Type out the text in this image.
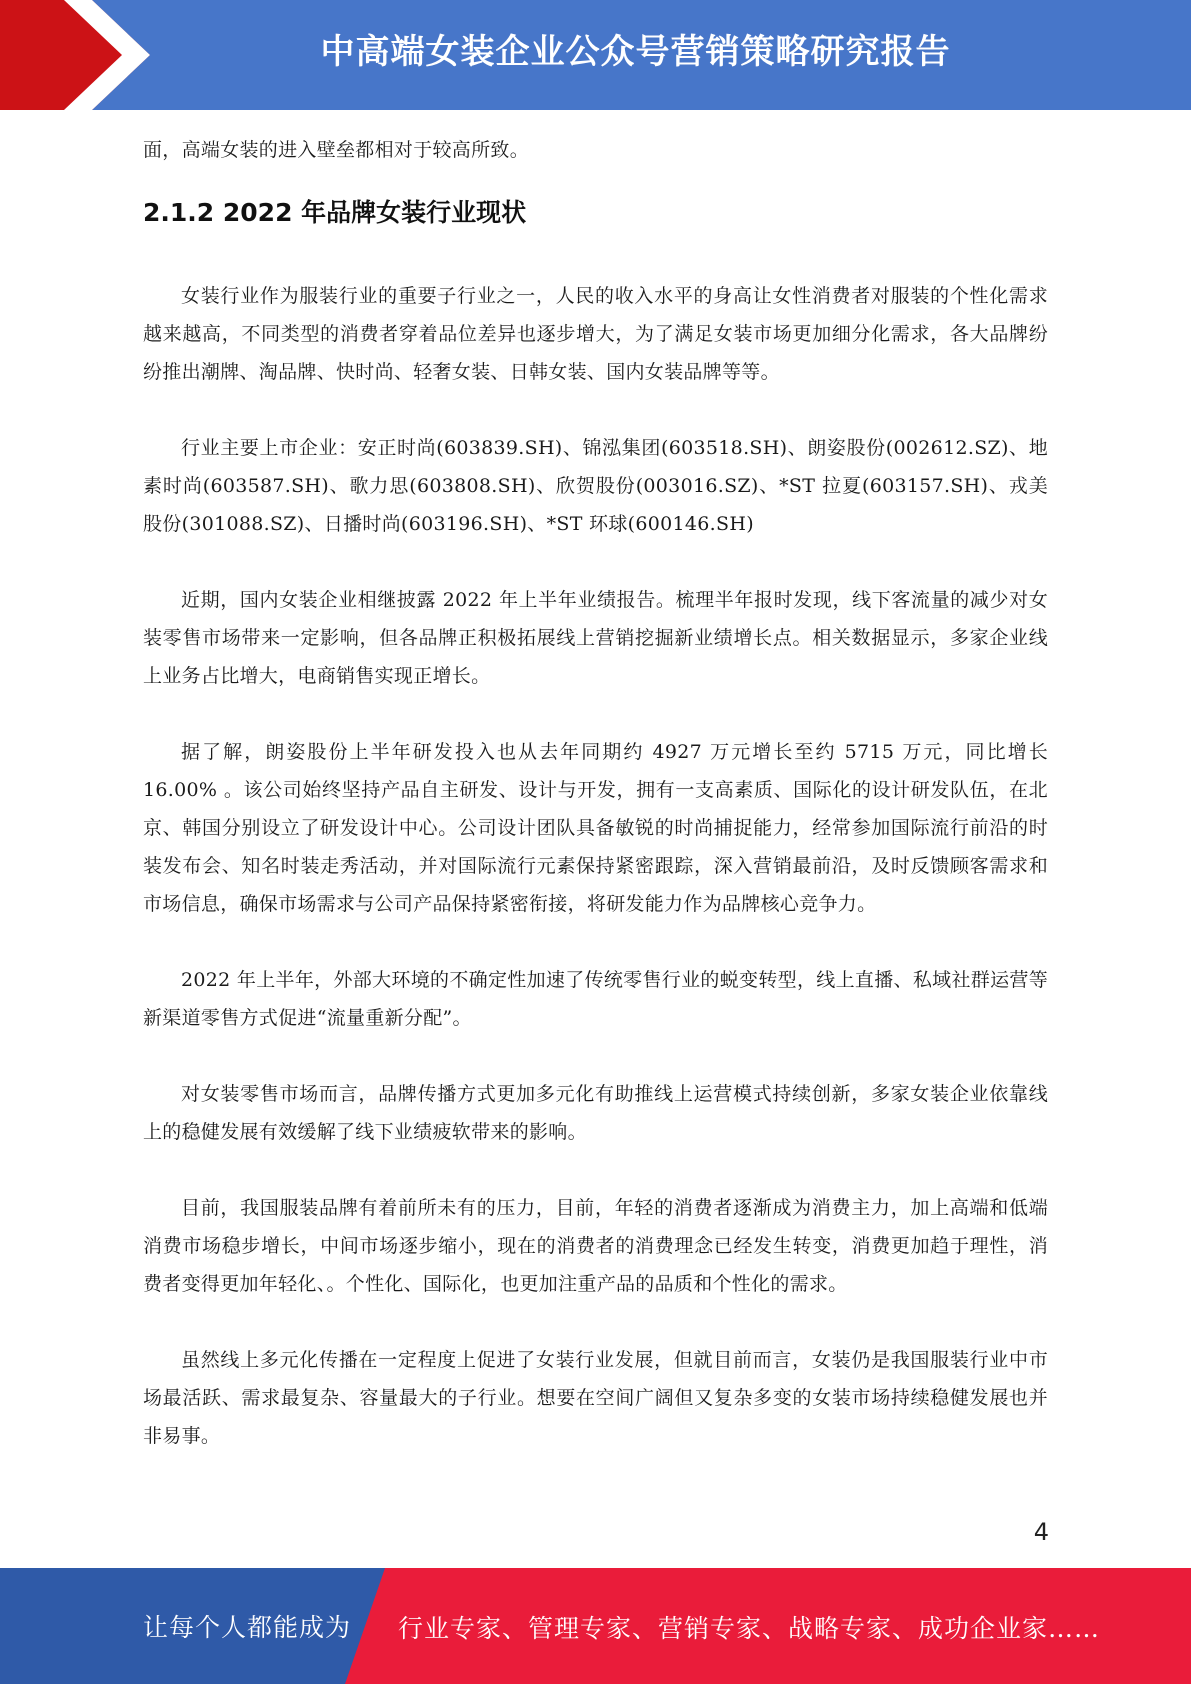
中高端女装企业公众号营销策略研究报告

面，高端女装的进入壁垒都相对于较高所致。

2.1.2 2022 年品牌女装行业现状

女装行业作为服装行业的重要子行业之一，人民的收入水平的身高让女性消费者对服装的个性化需求越来越高，不同类型的消费者穿着品位差异也逐步增大，为了满足女装市场更加细分化需求，各大品牌纷纷推出潮牌、淘品牌、快时尚、轻奢女装、日韩女装、国内女装品牌等等。

行业主要上市企业：安正时尚(603839.SH)、锦泓集团(603518.SH)、朗姿股份(002612.SZ)、地素时尚(603587.SH)、歌力思(603808.SH)、欣贺股份(003016.SZ)、*ST 拉夏(603157.SH)、戎美股份(301088.SZ)、日播时尚(603196.SH)、*ST 环球(600146.SH)

近期，国内女装企业相继披露 2022 年上半年业绩报告。梳理半年报时发现，线下客流量的减少对女装零售市场带来一定影响，但各品牌正积极拓展线上营销挖掘新业绩增长点。相关数据显示，多家企业线上业务占比增大，电商销售实现正增长。

据了解，朗姿股份上半年研发投入也从去年同期约 4927 万元增长至约 5715 万元，同比增长 16.00% 。该公司始终坚持产品自主研发、设计与开发，拥有一支高素质、国际化的设计研发队伍，在北京、韩国分别设立了研发设计中心。公司设计团队具备敏锐的时尚捕捉能力，经常参加国际流行前沿的时装发布会、知名时装走秀活动，并对国际流行元素保持紧密跟踪，深入营销最前沿，及时反馈顾客需求和市场信息，确保市场需求与公司产品保持紧密衔接，将研发能力作为品牌核心竞争力。

2022 年上半年，外部大环境的不确定性加速了传统零售行业的蜕变转型，线上直播、私域社群运营等新渠道零售方式促进“流量重新分配”。

对女装零售市场而言，品牌传播方式更加多元化有助推线上运营模式持续创新，多家女装企业依靠线上的稳健发展有效缓解了线下业绩疲软带来的影响。

目前，我国服装品牌有着前所未有的压力，目前，年轻的消费者逐渐成为消费主力，加上高端和低端消费市场稳步增长，中间市场逐步缩小，现在的消费者的消费理念已经发生转变，消费更加趋于理性，消费者变得更加年轻化、。个性化、国际化，也更加注重产品的品质和个性化的需求。

虽然线上多元化传播在一定程度上促进了女装行业发展，但就目前而言，女装仍是我国服装行业中市场最活跃、需求最复杂、容量最大的子行业。想要在空间广阔但又复杂多变的女装市场持续稳健发展也并非易事。

4
让每个人都能成为 行业专家、管理专家、营销专家、战略专家、成功企业家……
